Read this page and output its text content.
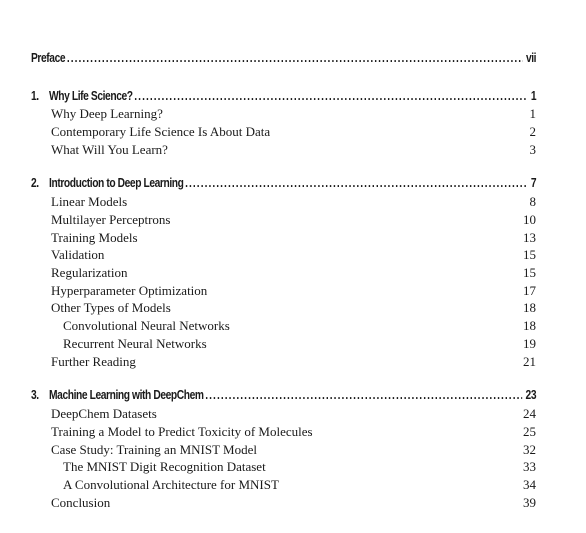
Preface . . .	vii
1. Why Life Science? . . .	1
Why Deep Learning?	1
Contemporary Life Science Is About Data	2
What Will You Learn?	3
2. Introduction to Deep Learning . . .	7
Linear Models	8
Multilayer Perceptrons	10
Training Models	13
Validation	15
Regularization	15
Hyperparameter Optimization	17
Other Types of Models	18
Convolutional Neural Networks	18
Recurrent Neural Networks	19
Further Reading	21
3. Machine Learning with DeepChem . . .	23
DeepChem Datasets	24
Training a Model to Predict Toxicity of Molecules	25
Case Study: Training an MNIST Model	32
The MNIST Digit Recognition Dataset	33
A Convolutional Architecture for MNIST	34
Conclusion	39
